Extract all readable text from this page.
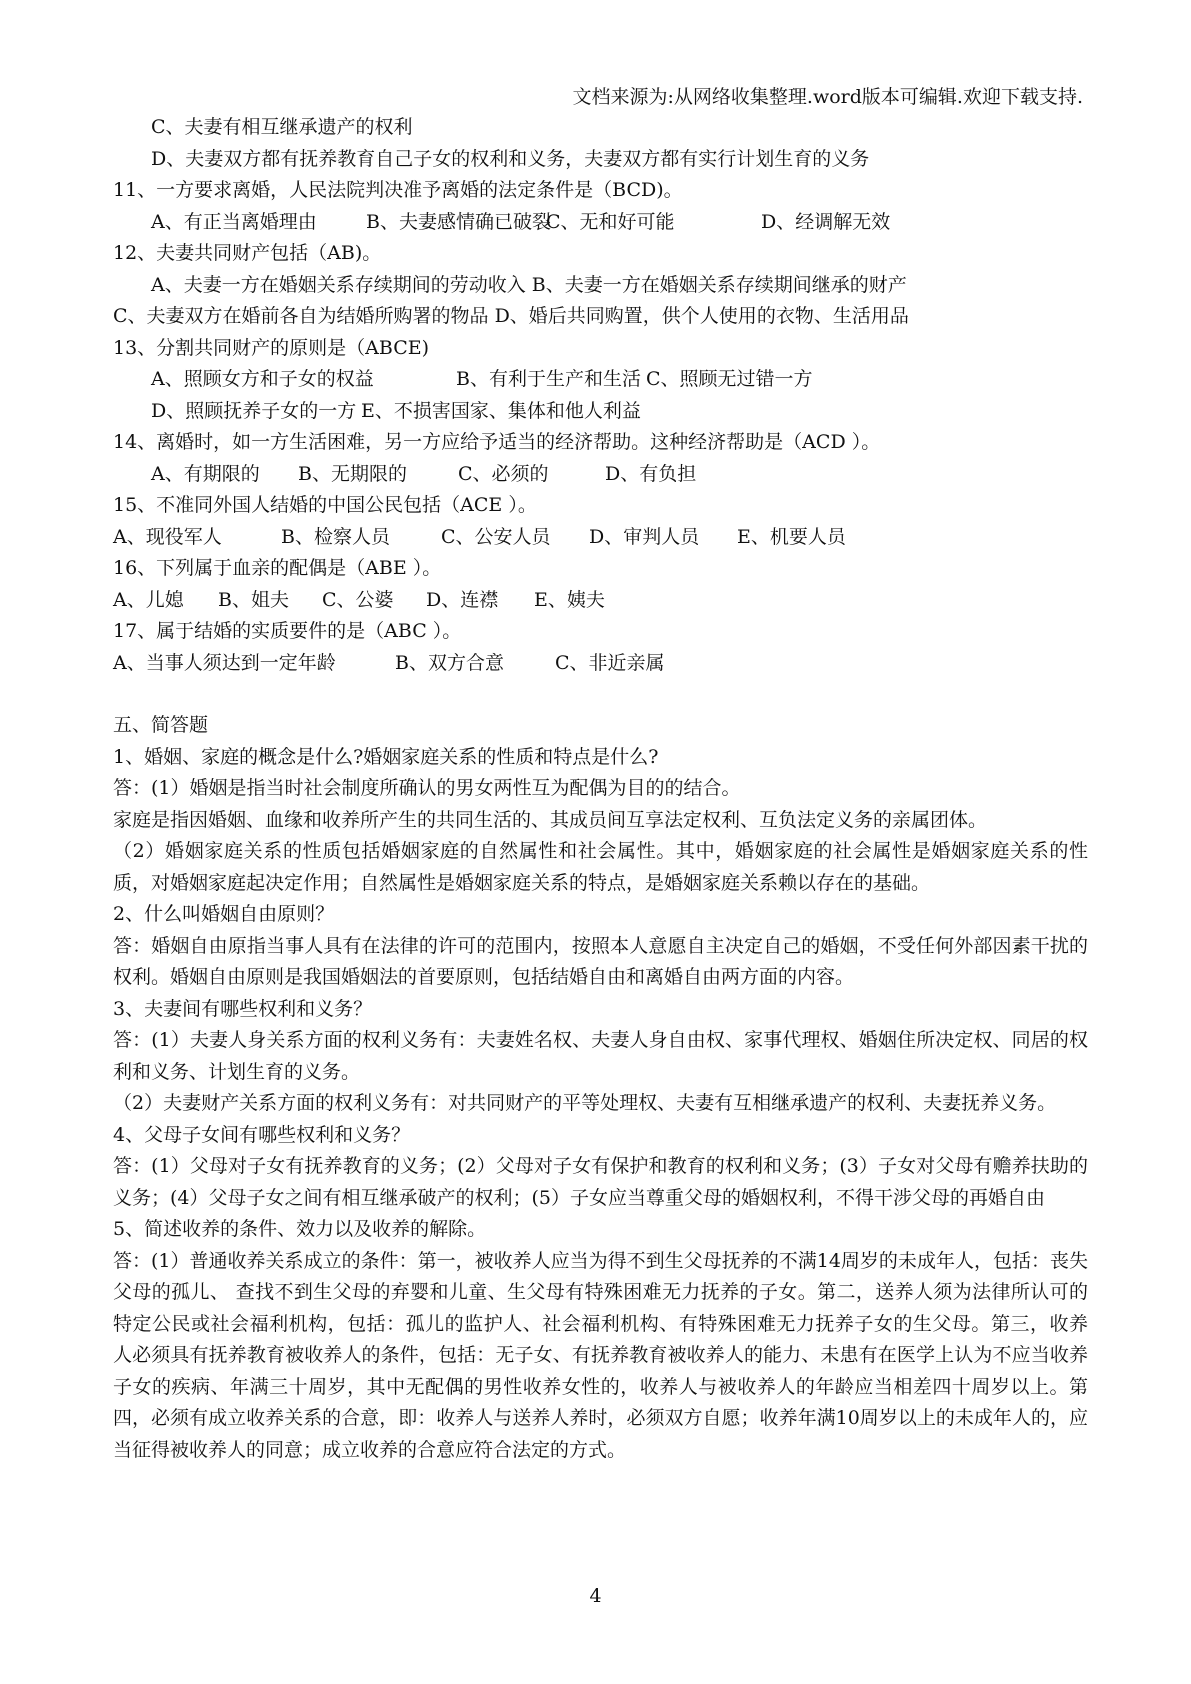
文档来源为:从网络收集整理.word版本可编辑.欢迎下载支持.
C、夫妻有相互继承遗产的权利
D、夫妻双方都有抚养教育自己子女的权利和义务，夫妻双方都有实行计划生育的义务
11、一方要求离婚，人民法院判决准予离婚的法定条件是（BCD)。
A、有正当离婚理由	B、夫妻感情确已破裂C、无和好可能	D、经调解无效
12、夫妻共同财产包括（AB)。
A、夫妻一方在婚姻关系存续期间的劳动收入 B、夫妻一方在婚姻关系存续期间继承的财产
C、夫妻双方在婚前各自为结婚所购署的物品 D、婚后共同购置，供个人使用的衣物、生活用品
13、分割共同财产的原则是（ABCE)
A、照顾女方和子女的权益	B、有利于生产和生活 C、照顾无过错一方
D、照顾抚养子女的一方 E、不损害国家、集体和他人利益
14、离婚时，如一方生活困难，另一方应给予适当的经济帮助。这种经济帮助是（ACD ）。
A、有期限的 B、无期限的	C、必须的	D、有负担
15、不准同外国人结婚的中国公民包括（ACE ）。
A、现役军人	B、检察人员	C、公安人员 D、审判人员 E、机要人员
16、下列属于血亲的配偶是（ABE ）。
A、儿媳 B、姐夫 C、公婆 D、连襟 E、姨夫
17、属于结婚的实质要件的是（ABC ）。
A、当事人须达到一定年龄	B、双方合意	C、非近亲属
五、简答题
1、婚姻、家庭的概念是什么?婚姻家庭关系的性质和特点是什么?
答：(1）婚姻是指当时社会制度所确认的男女两性互为配偶为目的的结合。
家庭是指因婚姻、血缘和收养所产生的共同生活的、其成员间互享法定权利、互负法定义务的亲属团体。
（2）婚姻家庭关系的性质包括婚姻家庭的自然属性和社会属性。其中，婚姻家庭的社会属性是婚姻家庭关系的性质，对婚姻家庭起决定作用；自然属性是婚姻家庭关系的特点，是婚姻家庭关系赖以存在的基础。
2、什么叫婚姻自由原则？
答：婚姻自由原指当事人具有在法律的许可的范围内，按照本人意愿自主决定自己的婚姻，不受任何外部因素干扰的权利。婚姻自由原则是我国婚姻法的首要原则，包括结婚自由和离婚自由两方面的内容。
3、夫妻间有哪些权利和义务？
答：(1）夫妻人身关系方面的权利义务有：夫妻姓名权、夫妻人身自由权、家事代理权、婚姻住所决定权、同居的权利和义务、计划生育的义务。
（2）夫妻财产关系方面的权利义务有：对共同财产的平等处理权、夫妻有互相继承遗产的权利、夫妻抚养义务。
4、父母子女间有哪些权利和义务？
答：(1）父母对子女有抚养教育的义务；(2）父母对子女有保护和教育的权利和义务；(3）子女对父母有赡养扶助的义务；(4）父母子女之间有相互继承破产的权利；(5）子女应当尊重父母的婚姻权利，不得干涉父母的再婚自由
5、简述收养的条件、效力以及收养的解除。
答：(1）普通收养关系成立的条件：第一，被收养人应当为得不到生父母抚养的不满14周岁的未成年人，包括：丧失父母的孤儿、 查找不到生父母的弃婴和儿童、生父母有特殊困难无力抚养的子女。第二，送养人须为法律所认可的特定公民或社会福利机构，包括：孤儿的监护人、社会福利机构、有特殊困难无力抚养子女的生父母。第三，收养 人必须具有抚养教育被收养人的条件，包括：无子女、有抚养教育被收养人的能力、未患有在医学上认为不应当收养子女的疾病、年满三十周岁，其中无配偶的男性收养女性的，收养人与被收养人的年龄应当相差四十周岁以上。第四，必须有成立收养关系的合意，即：收养人与送养人养时，必须双方自愿；收养年满10周岁以上的未成年人的，应当征得被收养人的同意；成立收养的合意应符合法定的方式。
4
